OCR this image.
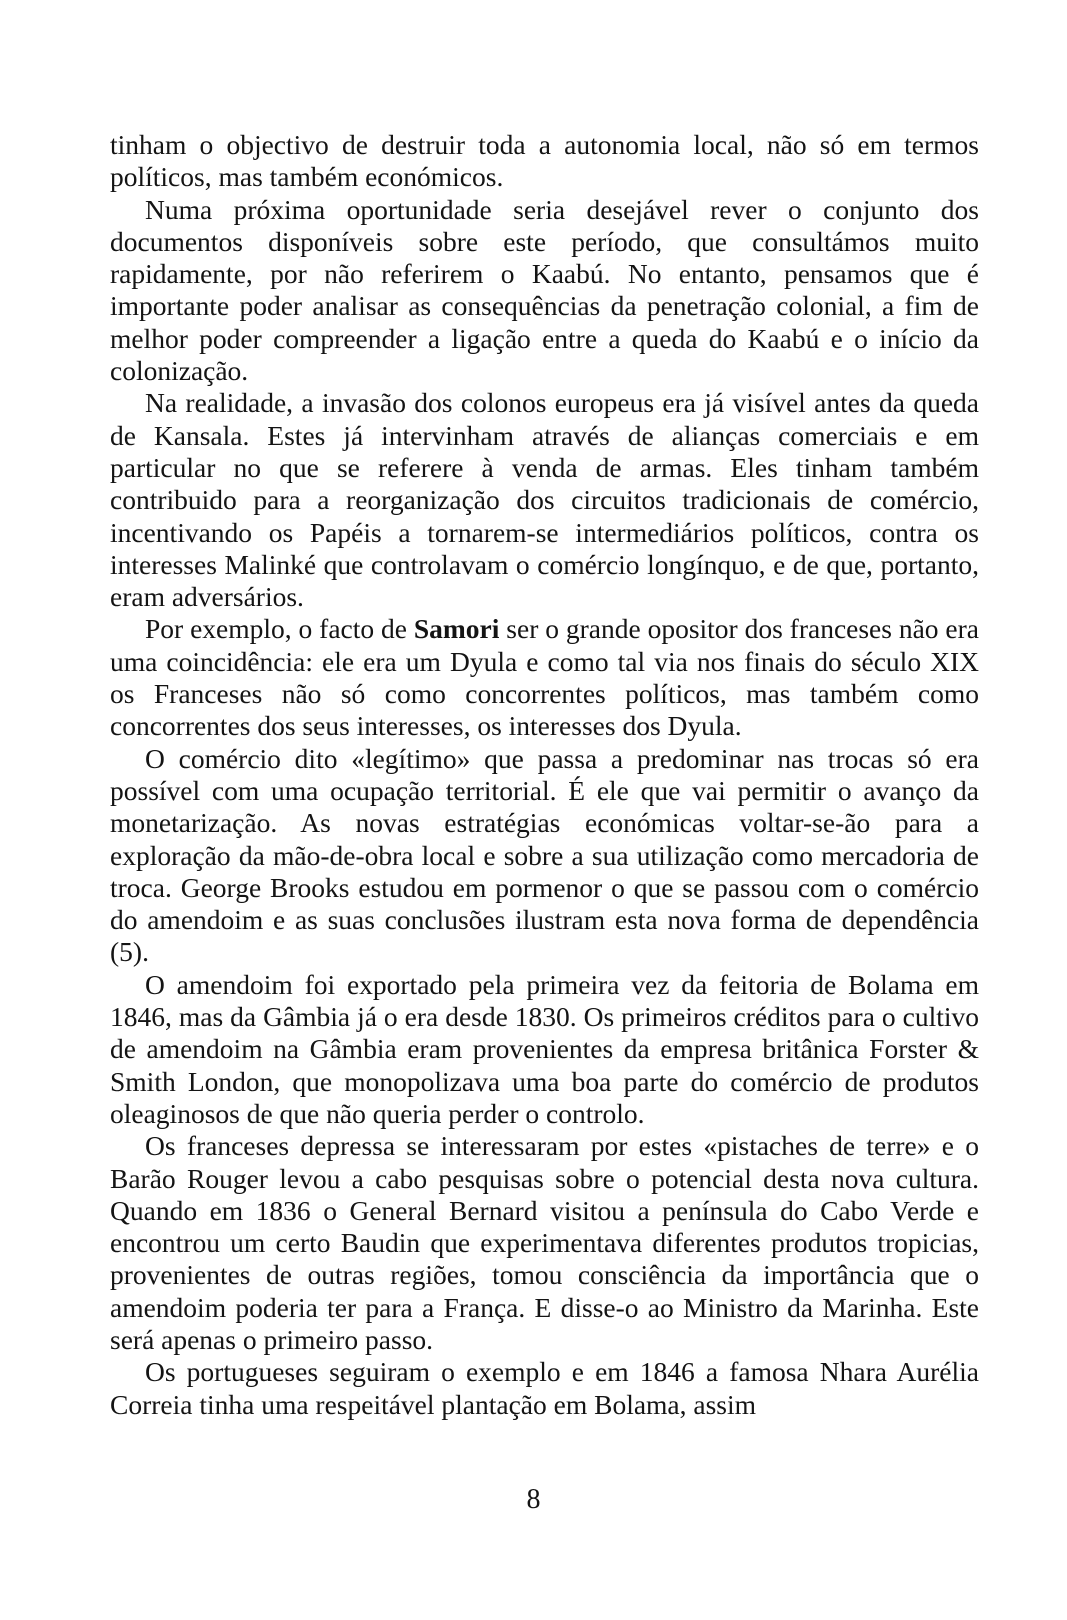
tinham o objectivo de destruir toda a autonomia local, não só em termos políticos, mas também económicos.

Numa próxima oportunidade seria desejável rever o conjunto dos documentos disponíveis sobre este período, que consultámos muito rapidamente, por não referirem o Kaabú. No entanto, pensamos que é importante poder analisar as consequências da penetração colonial, a fim de melhor poder compreender a ligação entre a queda do Kaabú e o início da colonização.

Na realidade, a invasão dos colonos europeus era já visível antes da queda de Kansala. Estes já intervinham através de alianças comerciais e em particular no que se referere à venda de armas. Eles tinham também contribuido para a reorganização dos circuitos tradicionais de comércio, incentivando os Papéis a tornarem-se intermediários políticos, contra os interesses Malinké que controlavam o comércio longínquo, e de que, portanto, eram adversários.

Por exemplo, o facto de Samori ser o grande opositor dos franceses não era uma coincidência: ele era um Dyula e como tal via nos finais do século XIX os Franceses não só como concorrentes políticos, mas também como concorrentes dos seus interesses, os interesses dos Dyula.

O comércio dito «legítimo» que passa a predominar nas trocas só era possível com uma ocupação territorial. É ele que vai permitir o avanço da monetarização. As novas estratégias económicas voltar-se-ão para a exploração da mão-de-obra local e sobre a sua utilização como mercadoria de troca. George Brooks estudou em pormenor o que se passou com o comércio do amendoim e as suas conclusões ilustram esta nova forma de dependência (5).

O amendoim foi exportado pela primeira vez da feitoria de Bolama em 1846, mas da Gâmbia já o era desde 1830. Os primeiros créditos para o cultivo de amendoim na Gâmbia eram provenientes da empresa britânica Forster & Smith London, que monopolizava uma boa parte do comércio de produtos oleaginosos de que não queria perder o controlo.

Os franceses depressa se interessaram por estes «pistaches de terre» e o Barão Rouger levou a cabo pesquisas sobre o potencial desta nova cultura. Quando em 1836 o General Bernard visitou a península do Cabo Verde e encontrou um certo Baudin que experimentava diferentes produtos tropicias, provenientes de outras regiões, tomou consciência da importância que o amendoim poderia ter para a França. E disse-o ao Ministro da Marinha. Este será apenas o primeiro passo.

Os portugueses seguiram o exemplo e em 1846 a famosa Nhara Aurélia Correia tinha uma respeitável plantação em Bolama, assim

8
